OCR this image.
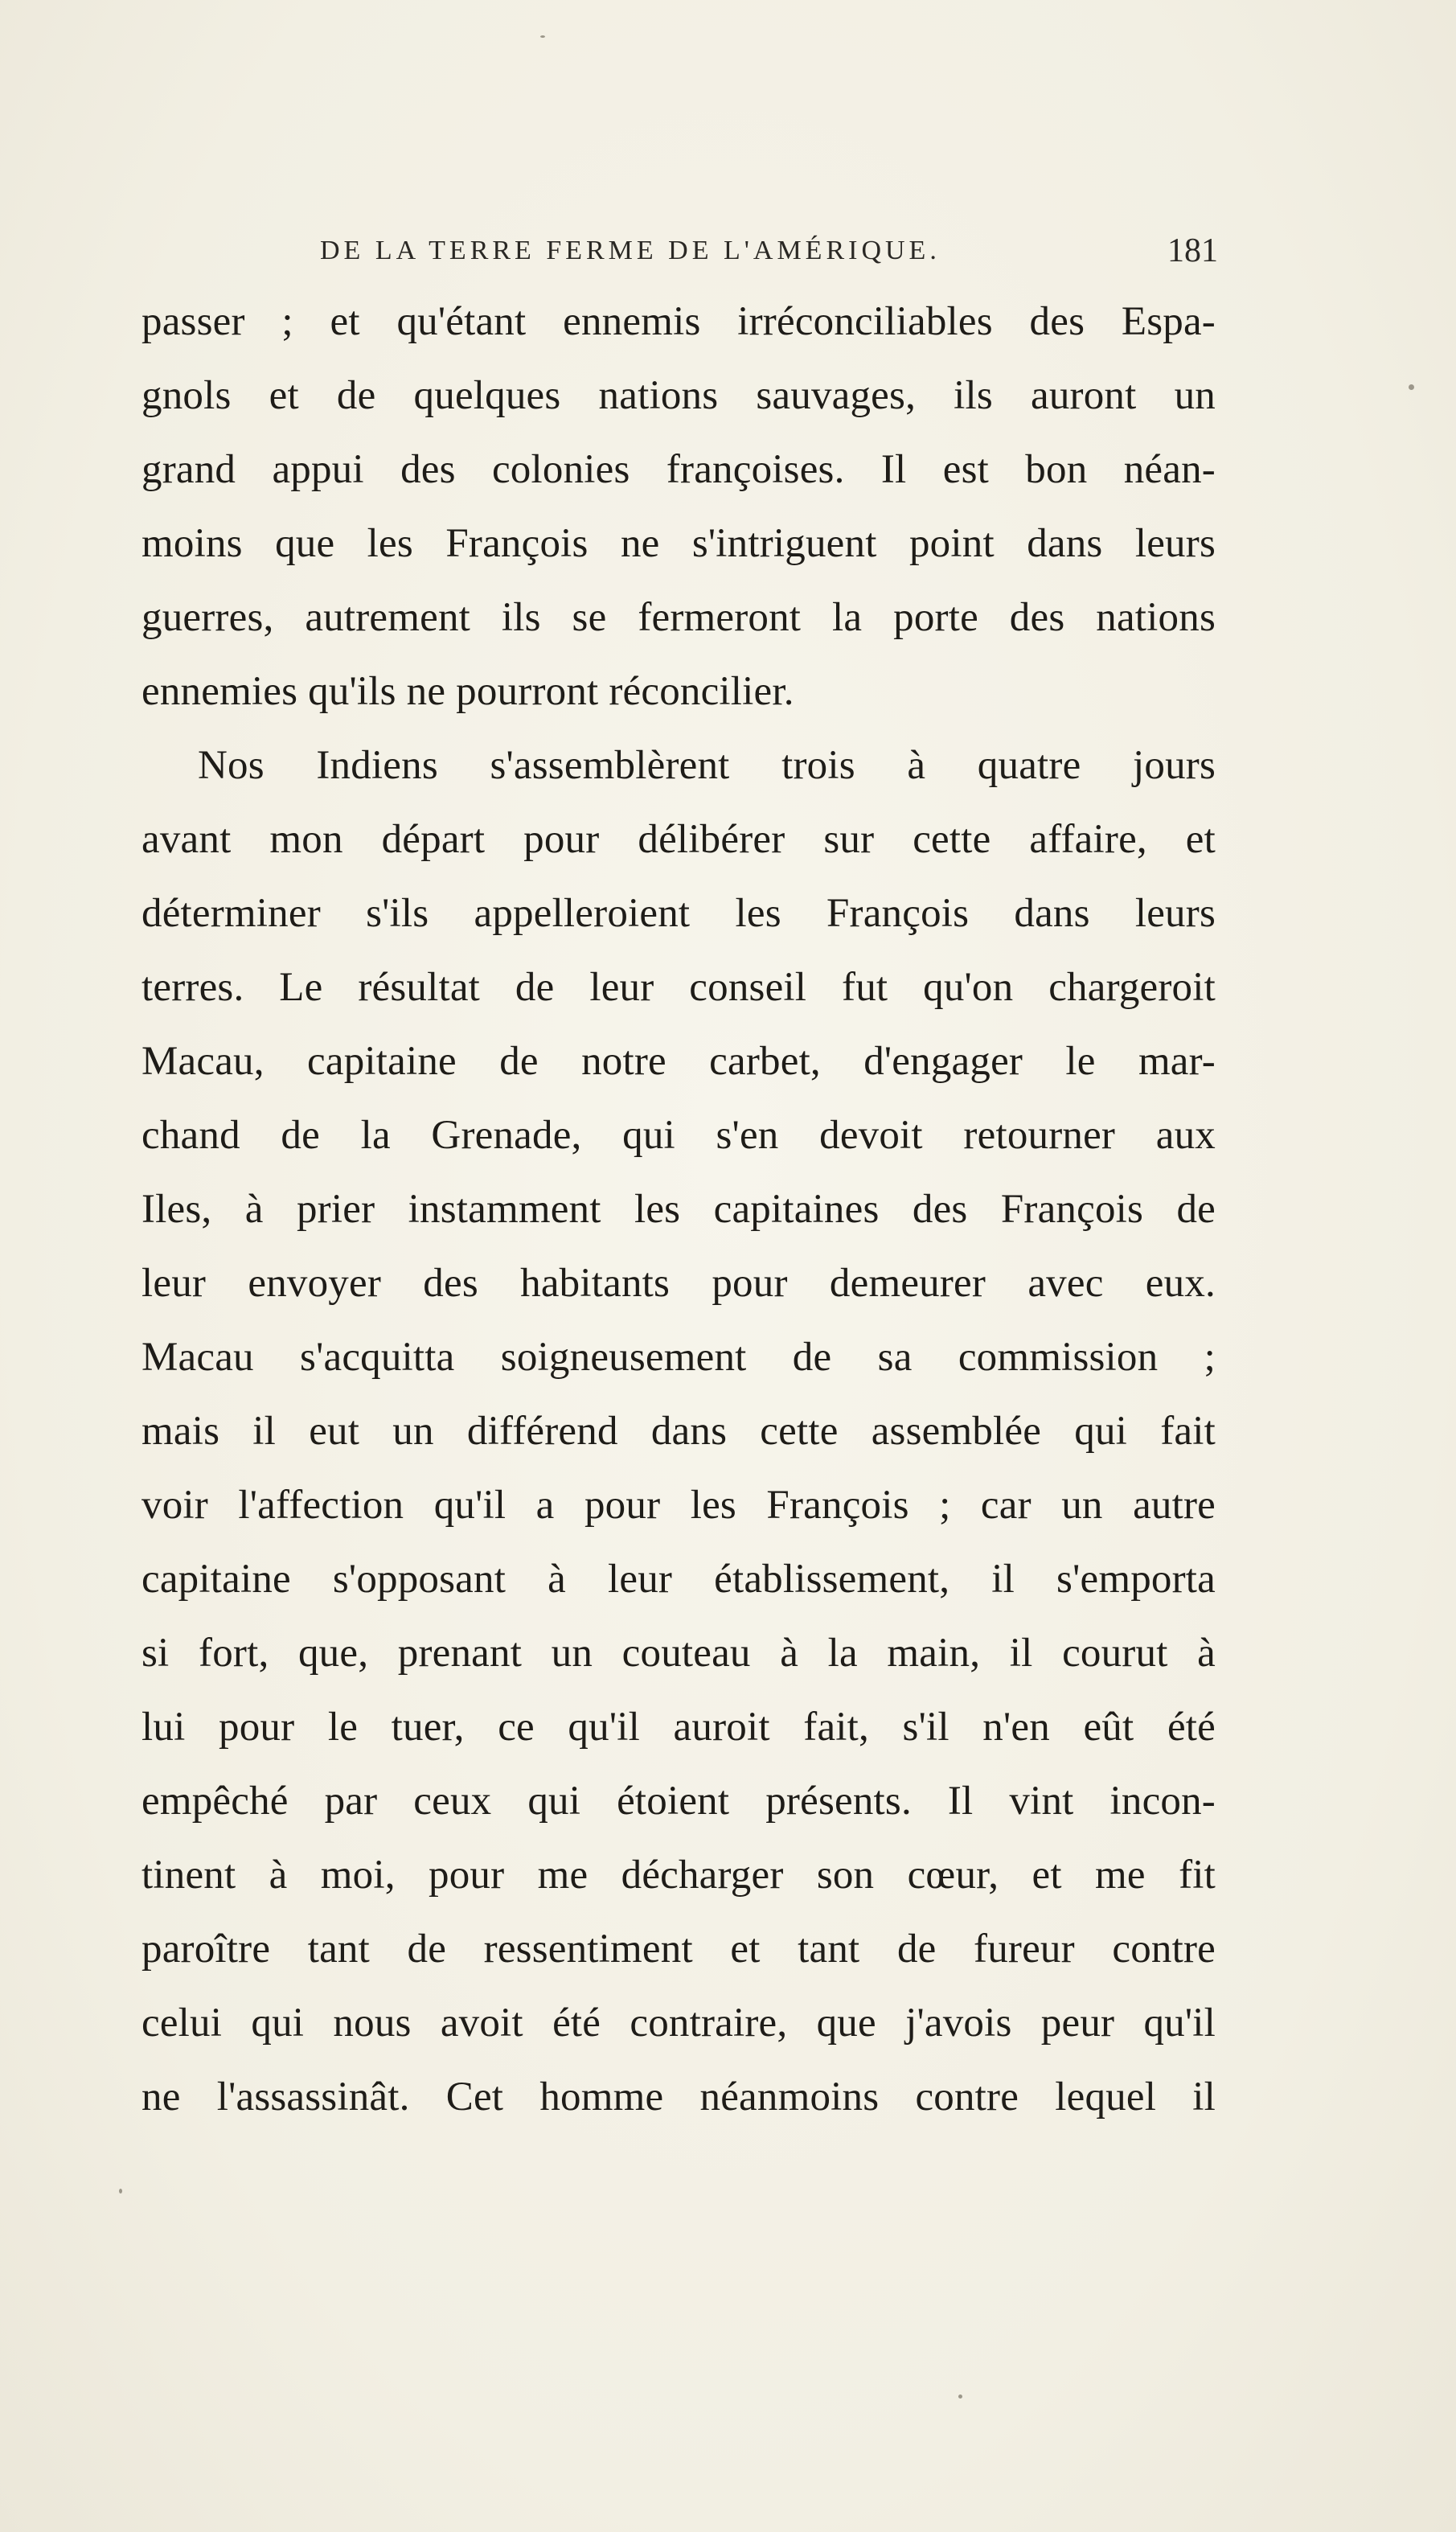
DE LA TERRE FERME DE L'AMÉRIQUE.	181
passer ; et qu'étant ennemis irréconciliables des Espa-
gnols et de quelques nations sauvages, ils auront un
grand appui des colonies françoises. Il est bon néan-
moins que les François ne s'intriguent point dans leurs
guerres, autrement ils se fermeront la porte des nations
ennemies qu'ils ne pourront réconcilier.
Nos Indiens s'assemblèrent trois à quatre jours
avant mon départ pour délibérer sur cette affaire, et
déterminer s'ils appelleroient les François dans leurs
terres. Le résultat de leur conseil fut qu'on chargeroit
Macau, capitaine de notre carbet, d'engager le mar-
chand de la Grenade, qui s'en devoit retourner aux
Iles, à prier instamment les capitaines des François de
leur envoyer des habitants pour demeurer avec eux.
Macau s'acquitta soigneusement de sa commission ;
mais il eut un différend dans cette assemblée qui fait
voir l'affection qu'il a pour les François ; car un autre
capitaine s'opposant à leur établissement, il s'emporta
si fort, que, prenant un couteau à la main, il courut à
lui pour le tuer, ce qu'il auroit fait, s'il n'en eût été
empêché par ceux qui étoient présents. Il vint incon-
tinent à moi, pour me décharger son cœur, et me fit
paroître tant de ressentiment et tant de fureur contre
celui qui nous avoit été contraire, que j'avois peur qu'il
ne l'assassinât. Cet homme néanmoins contre lequel il
